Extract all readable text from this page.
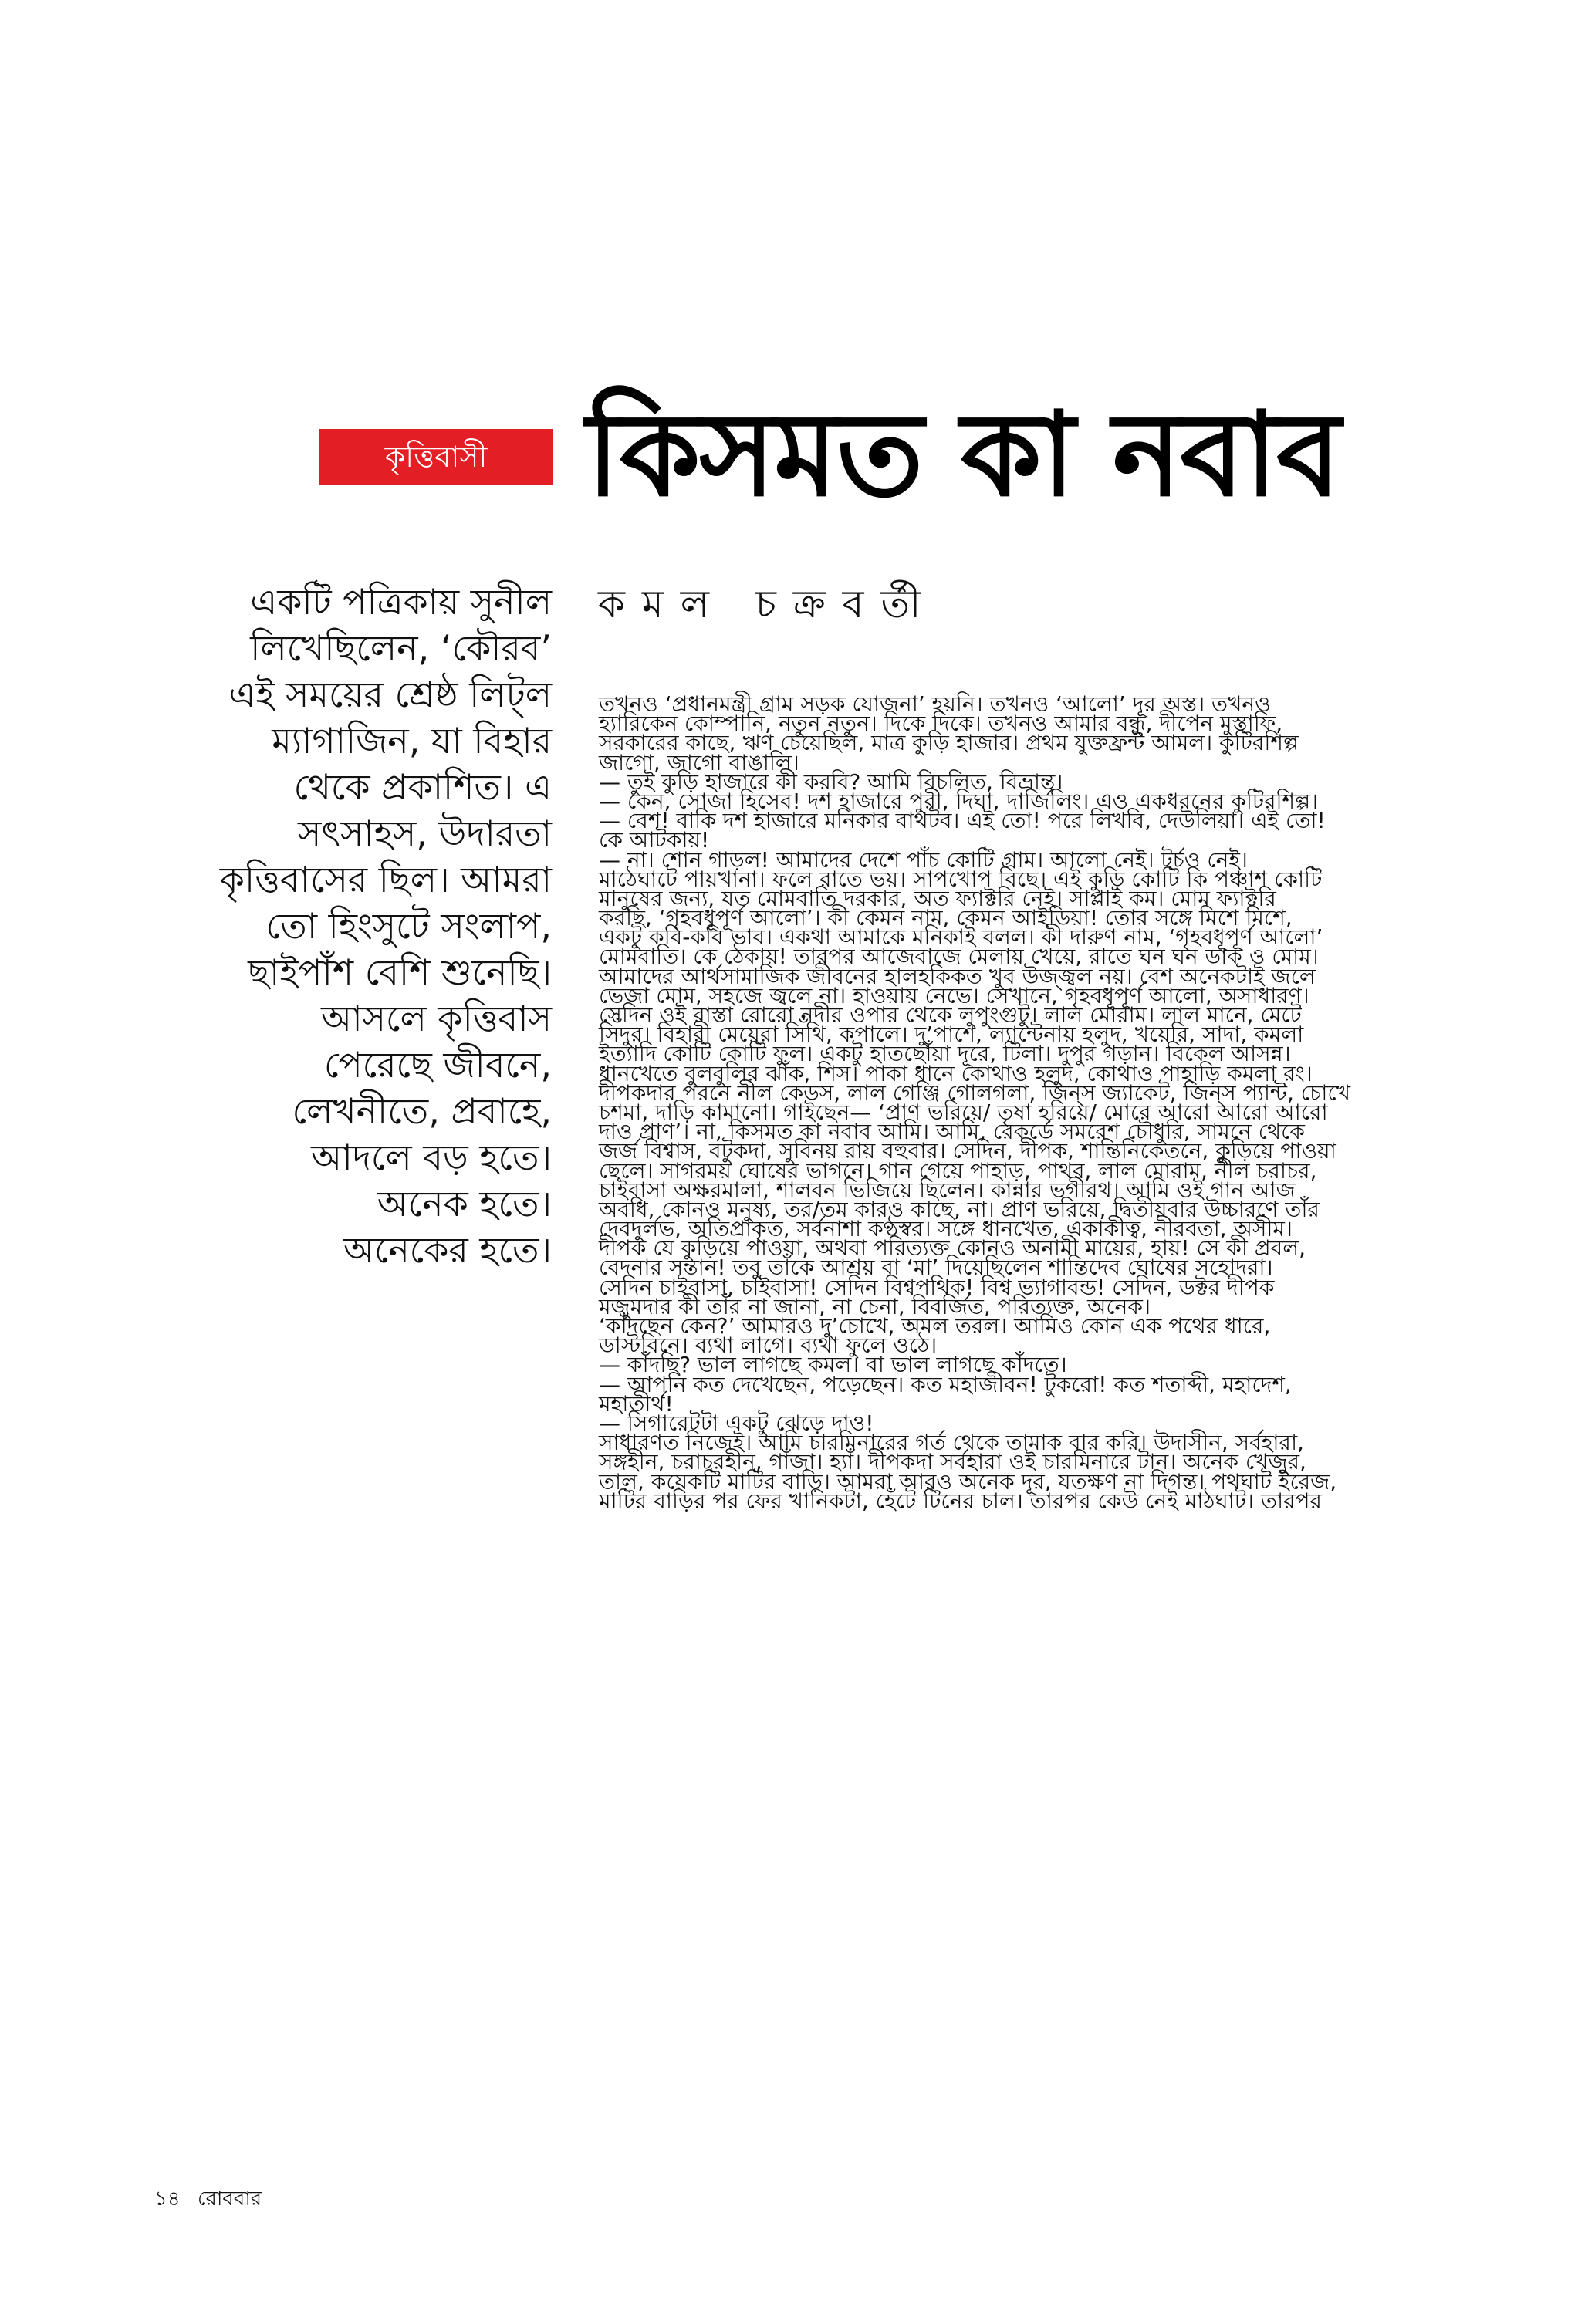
কৃত্তিবাসী কিসমত কা নবাব
কমল চক্রবর্তী
একটি পত্রিকায় সুনীল
লিখেছিলেন, ‘কৌরব’
এই সময়ের শ্রেষ্ঠ লিট্‌ল
ম্যাগাজিন, যা বিহার
থেকে প্রকাশিত। এ
সৎসাহস, উদারতা
কৃত্তিবাসের ছিল। আমরা
তো হিংসুটে সংলাপ,
ছাইপাঁশ বেশি শুনেছি।
আসলে কৃত্তিবাস
পেরেছে জীবনে,
লেখনীতে, প্রবাহে,
আদলে বড় হতে।
অনেক হতে।
অনেকের হতে।
তখনও ‘প্রধানমন্ত্রী গ্রাম সড়ক যোজনা’ হয়নি। তখনও ‘আলো’ দূর অস্ত। তখনও
হ্যারিকেন কোম্পানি, নতুন নতুন। দিকে দিকে। তখনও আমার বন্ধু, দীপেন মুস্তাফি,
সরকারের কাছে, ঋণ চেয়েছিল, মাত্র কুড়ি হাজার। প্রথম যুক্তফ্রন্ট আমল। কুটিরশিল্প
জাগো, জাগো বাঙালি।
— তুই কুড়ি হাজারে কী করবি? আমি বিচলিত, বিভ্রান্ত।
— কেন, সোজা হিসেব! দশ হাজারে পুরী, দিঘা, দার্জিলিং। এও একধরনের কুটিরশিল্প।
— বেশ! বাকি দশ হাজারে মনিকার বাথটব। এই তো! পরে লিখবি, দেউলিয়া। এই তো!
কে আটকায়!
— না। শোন গাড়ল! আমাদের দেশে পাঁচ কোটি গ্রাম। আলো নেই। টর্চও নেই।
মাঠেঘাটে পায়খানা। ফলে রাতে ভয়। সাপখোপ বিছে। এই কুড়ি কোটি কি পঞ্চাশ কোটি
মানুষের জন্য, যত মোমবাতি দরকার, অত ফ্যাক্টরি নেই। সাপ্লাই কম। মোম ফ্যাক্টরি
করছি, ‘গৃহবধূপূর্ণ আলো’। কী কেমন নাম, কেমন আইডিয়া! তোর সঙ্গে মিশে মিশে,
একটু কবি-কবি ভাব। একথা আমাকে মনিকাই বলল। কী দারুণ নাম, ‘গৃহবধূপূর্ণ আলো’
মোমবাতি। কে ঠেকায়! তারপর আজেবাজে মেলায় খেয়ে, রাতে ঘন ঘন ডাক ও মোম।
আমাদের আর্থসামাজিক জীবনের হালহকিকত খুব উজ্জ্বল নয়। বেশ অনেকটাই জলে
ভেজা মোম, সহজে জ্বলে না। হাওয়ায় নেভে। সেখানে, গৃহবধূপূর্ণ আলো, অসাধারণ।
সেদিন ওই রাস্তা রোরো নদীর ওপার থেকে লুপুংগুটু। লাল মোরাম। লাল মানে, মেটে
সিঁদুর। বিহারী মেয়েরা সিঁথি, কপালে। দু’পাশে, ল্যান্টেনায় হলুদ, খয়েরি, সাদা, কমলা
ইত্যাদি কোটি কোটি ফুল। একটু হাতছোঁয়া দূরে, টিলা। দুপুর গড়ান। বিকেল আসন্ন।
ধানখেতে বুলবুলির ঝাঁক, শিস। পাকা ধানে কোথাও হলুদ, কোথাও পাহাড়ি কমলা রং।
দীপকদার পরনে নীল কেডস, লাল গেঞ্জি গোলগলা, জিন্‌স জ্যাকেট, জিন্‌স প্যান্ট, চোখে
চশমা, দাড়ি কামানো। গাইছেন— ‘প্রাণ ভরিয়ে/ তৃষা হরিয়ে/ মোরে আরো আরো আরো
দাও প্রাণ’। না, কিসমত কা নবাব আমি। আমি, রেকর্ডে সমরেশ চৌধুরি, সামনে থেকে
জর্জ বিশ্বাস, বটুকদা, সুবিনয় রায় বহুবার। সেদিন, দীপক, শান্তিনিকেতনে, কুড়িয়ে পাওয়া
ছেলে। সাগরময় ঘোষের ভাগনে। গান গেয়ে পাহাড়, পাথর, লাল মোরাম, নীল চরাচর,
চাইবাসা অক্ষরমালা, শালবন ভিজিয়ে ছিলেন। কান্নার ভগীরথ। আমি ওই গান আজ
অবধি, কোনও মনুষ্য, তর/তম কারও কাছে, না। প্রাণ ভরিয়ে, দ্বিতীয়বার উচ্চারণে তাঁর
দেবদুর্লভ, অতিপ্রাকৃত, সর্বনাশা কণ্ঠস্বর। সঙ্গে ধানখেত, একাকীত্ব, নীরবতা, অসীম।
দীপক যে কুড়িয়ে পাওয়া, অথবা পরিত্যক্ত কোনও অনামী মায়ের, হায়! সে কী প্রবল,
বেদনার সন্তান! তবু তাঁকে আশ্রয় বা ‘মা’ দিয়েছিলেন শান্তিদেব ঘোষের সহোদরা।
সেদিন চাইবাসা, চাইবাসা! সেদিন বিশ্বপথিক! বিশ্ব ভ্যাগাবন্ড! সেদিন, ডক্টর দীপক
মজুমদার কী তাঁর না জানা, না চেনা, বিবর্জিত, পরিত্যক্ত, অনেক।
‘কাঁদছেন কেন?’ আমারও দু’চোখে, অমল তরল। আমিও কোন এক পথের ধারে,
ডাস্টবিনে। ব্যথা লাগে। ব্যথা ফুলে ওঠে।
— কাঁদছি? ভাল লাগছে কমল। বা ভাল লাগছে কাঁদতে।
— আপনি কত দেখেছেন, পড়েছেন। কত মহাজীবন! টুকরো! কত শতাব্দী, মহাদেশ,
মহাতীর্থ!
— সিগারেটটা একটু ঝেড়ে দাও!
সাধারণত নিজেই। আমি চারমিনারের গর্ত থেকে তামাক বার করি। উদাসীন, সর্বহারা,
সঙ্গহীন, চরাচরহীন, গাঁজা। হ্যাঁ। দীপকদা সর্বহারা ওই চারমিনারে টান। অনেক খেজুর,
তাল, কয়েকটি মাটির বাড়ি। আমরা আরও অনেক দূর, যতক্ষণ না দিগন্ত। পথঘাট ইরেজ,
মাটির বাড়ির পর ফের খানিকটা, হেঁটে টিনের চাল। তারপর কেউ নেই মাঠঘাট। তারপর
১৪ রোববার
